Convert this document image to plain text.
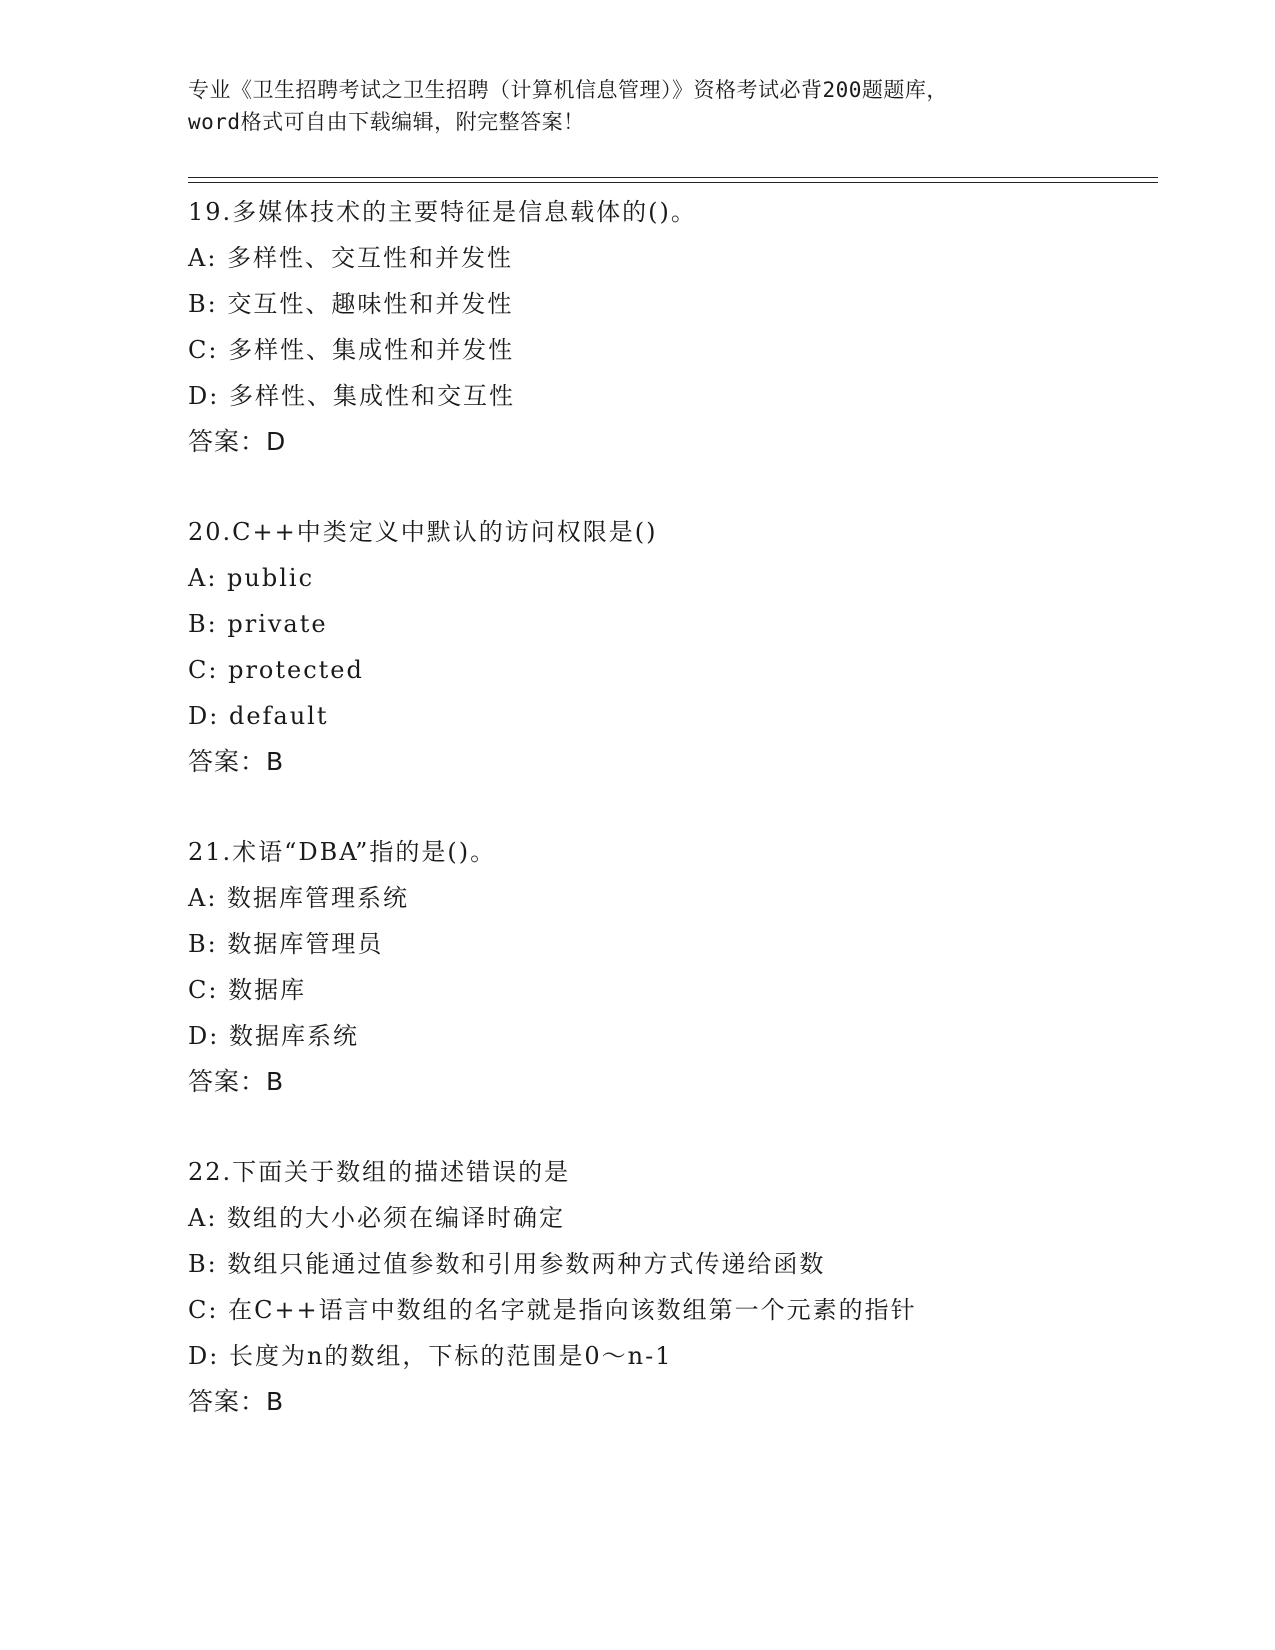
专业《卫生招聘考试之卫生招聘（计算机信息管理）》资格考试必背200题题库，
word格式可自由下载编辑，附完整答案！
19.多媒体技术的主要特征是信息载体的()。
A: 多样性、交互性和并发性
B: 交互性、趣味性和并发性
C: 多样性、集成性和并发性
D: 多样性、集成性和交互性
答案：D
20.C++中类定义中默认的访问权限是()
A: public
B: private
C: protected
D: default
答案：B
21.术语“DBA”指的是()。
A: 数据库管理系统
B: 数据库管理员
C: 数据库
D: 数据库系统
答案：B
22.下面关于数组的描述错误的是
A: 数组的大小必须在编译时确定
B: 数组只能通过值参数和引用参数两种方式传递给函数
C: 在C++语言中数组的名字就是指向该数组第一个元素的指针
D: 长度为n的数组，下标的范围是0～n-1
答案：B
